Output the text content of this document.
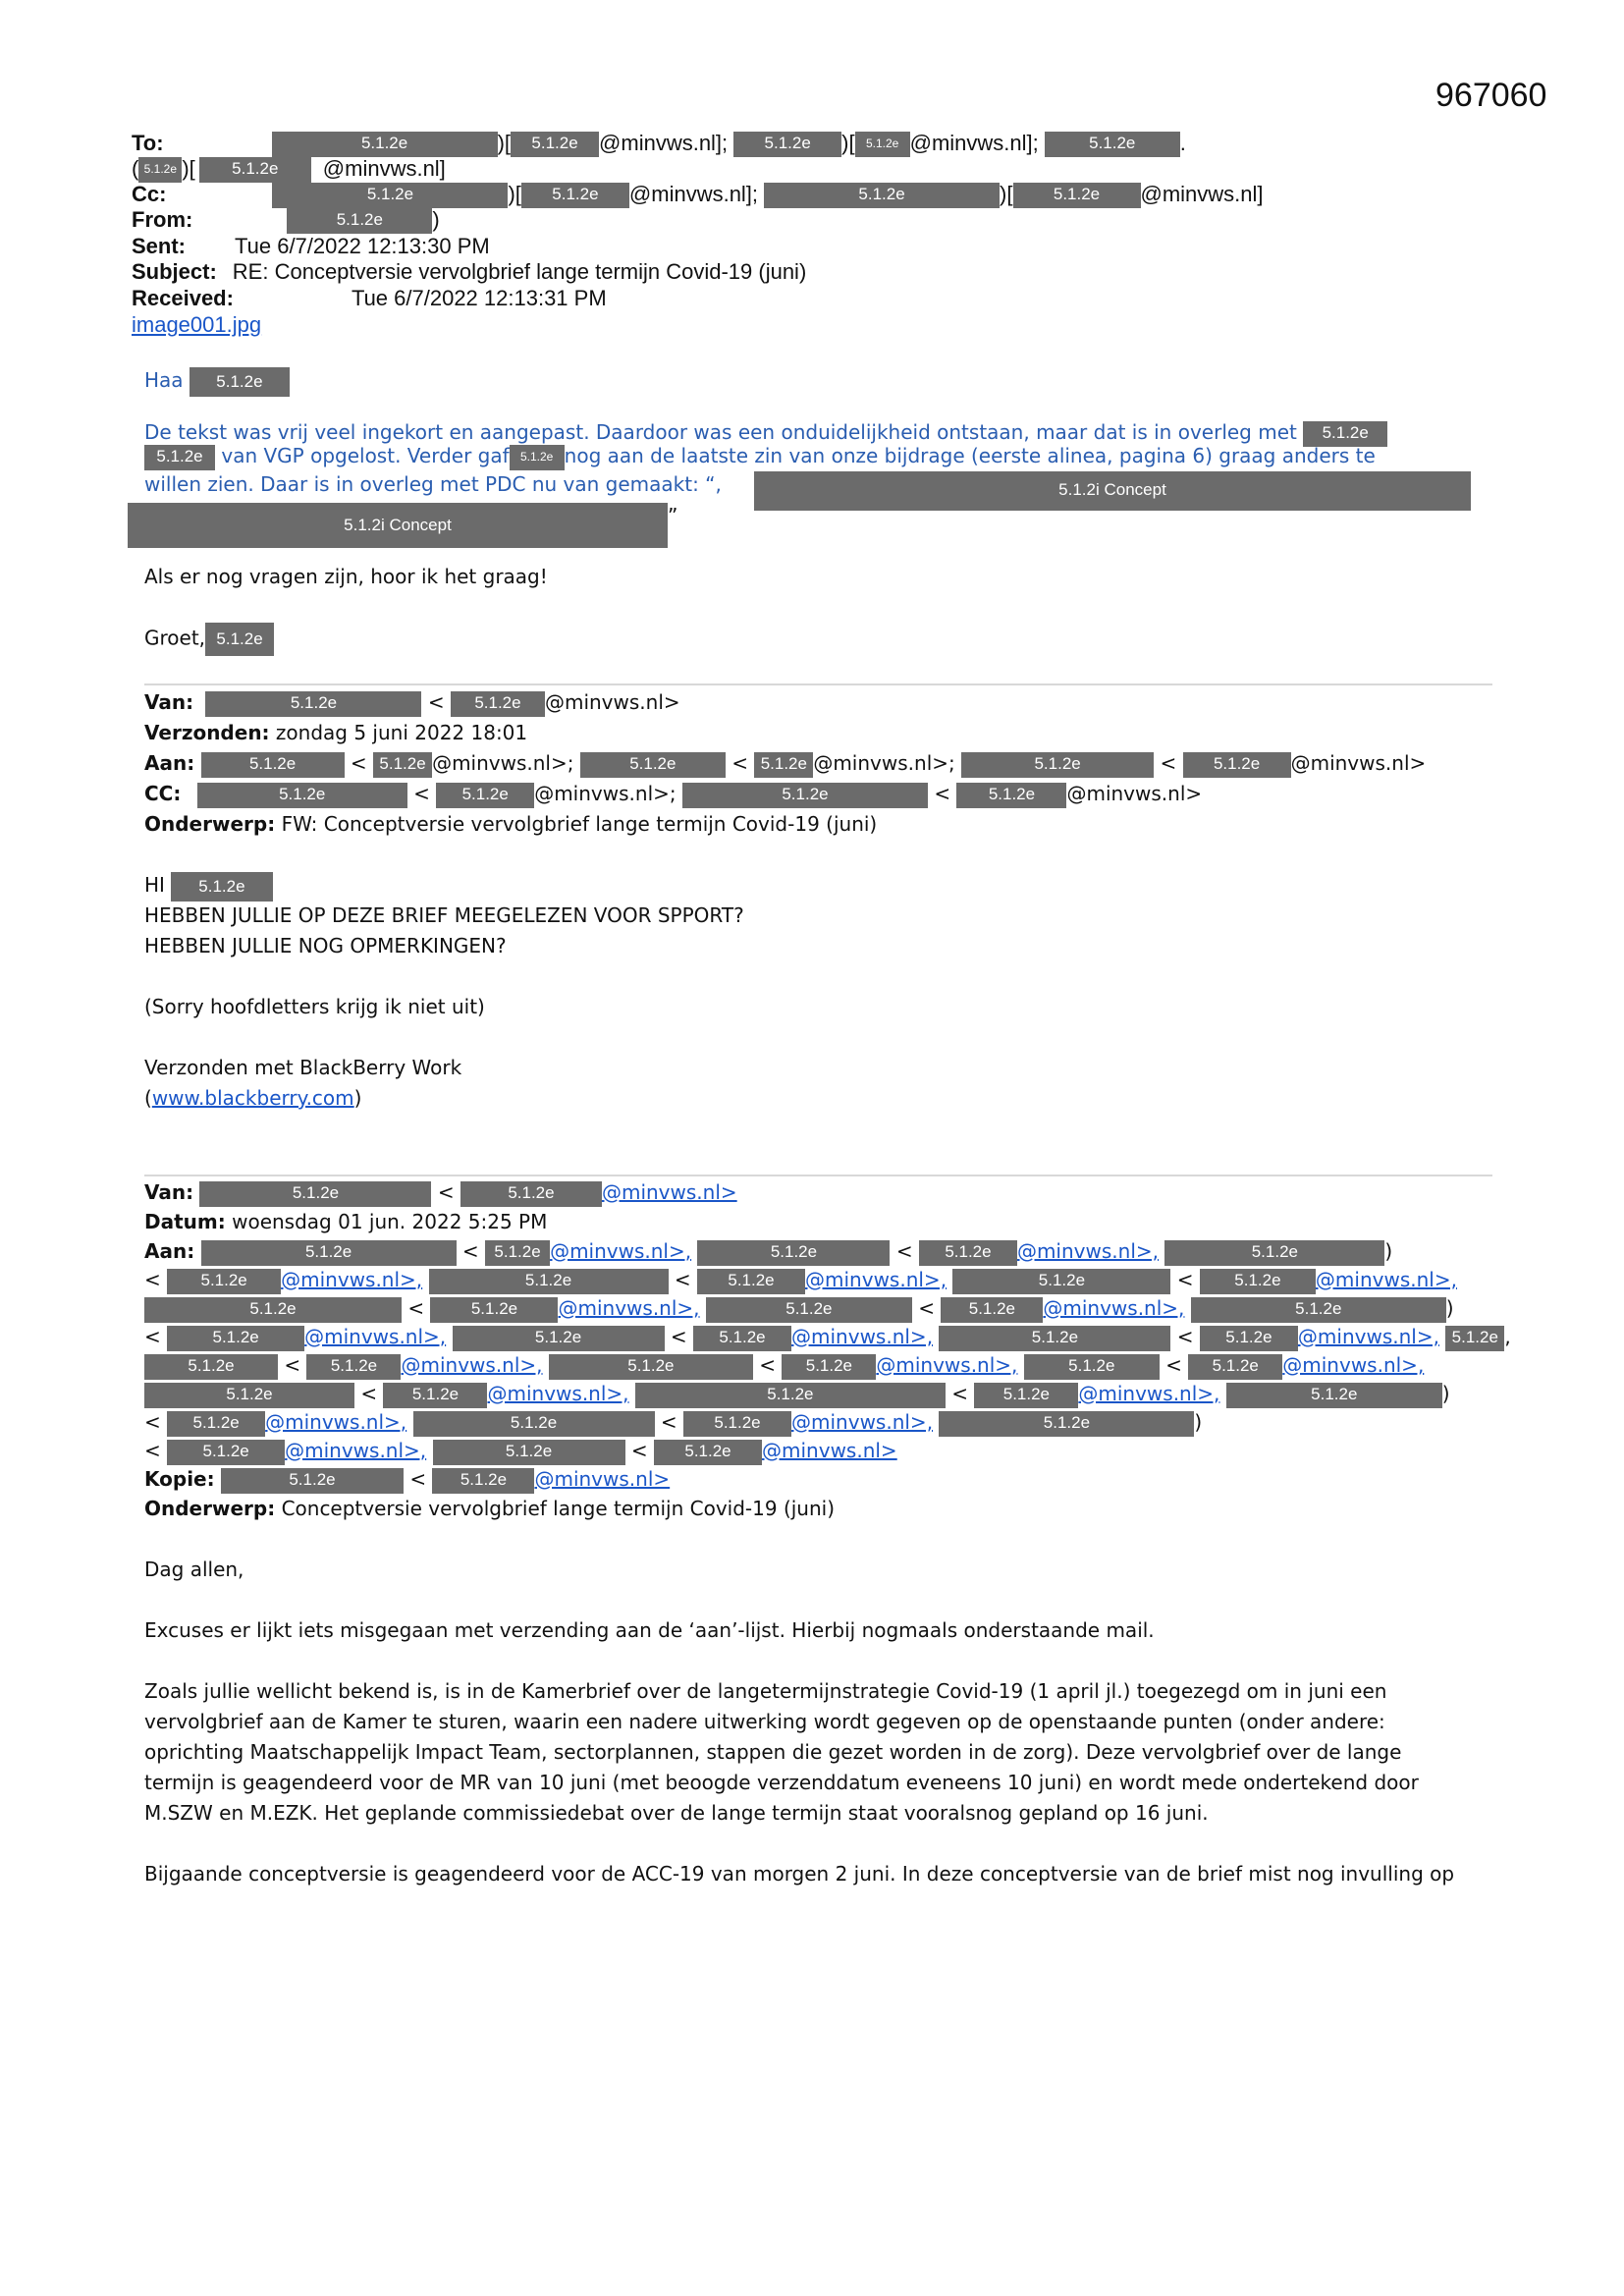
967060
To:	5.1.2e	)[ 5.1.2e @minvws.nl]; 5.1.2e )[ 5.1.2e @minvws.nl];	5.1.2e .
( 5.1.2e )[ 5.1.2e @minvws.nl]
Cc:	5.1.2e	)[ 5.1.2e @minvws.nl];	5.1.2e	)[ 5.1.2e @minvws.nl]
From:	5.1.2e )
Sent: Tue 6/7/2022 12:13:30 PM
Subject: RE: Conceptversie vervolgbrief lange termijn Covid-19 (juni)
Received:	Tue 6/7/2022 12:13:31 PM
image001.jpg
Haa 5.1.2e
De tekst was vrij veel ingekort en aangepast. Daardoor was een onduidelijkheid ontstaan, maar dat is in overleg met 5.1.2e
5.1.2e van VGP opgelost. Verder gaf 5.1.2e nog aan de laatste zin van onze bijdrage (eerste alinea, pagina 6) graag anders te
willen zien. Daar is in overleg met PDC nu van gemaakt: “,	5.1.2i Concept
5.1.2i Concept	”
Als er nog vragen zijn, hoor ik het graag!
Groet, 5.1.2e
Van:	5.1.2e	< 5.1.2e @minvws.nl>
Verzonden: zondag 5 juni 2022 18:01
Aan:	5.1.2e < 5.1.2e @minvws.nl>;	5.1.2e	< 5.1.2e @minvws.nl>;	5.1.2e	< 5.1.2e @minvws.nl>
CC:	5.1.2e	< 5.1.2e @minvws.nl>;	5.1.2e	< 5.1.2e @minvws.nl>
Onderwerp: FW: Conceptversie vervolgbrief lange termijn Covid-19 (juni)
HI 5.1.2e
HEBBEN JULLIE OP DEZE BRIEF MEEGELEZEN VOOR SPPORT?
HEBBEN JULLIE NOG OPMERKINGEN?
(Sorry hoofdletters krijg ik niet uit)
Verzonden met BlackBerry Work
(www.blackberry.com)
Van:	5.1.2e	<	5.1.2e @minvws.nl>
Datum: woensdag 01 jun. 2022 5:25 PM
Aan:	5.1.2e	< 5.1.2e @minvws.nl>,	5.1.2e	< 5.1.2e @minvws.nl>,	5.1.2e	)
< 5.1.2e @minvws.nl>,	5.1.2e	< 5.1.2e @minvws.nl>,	5.1.2e	< 5.1.2e @minvws.nl>,
5.1.2e	< 5.1.2e @minvws.nl>,	5.1.2e	< 5.1.2e @minvws.nl>,	5.1.2e	)
<	5.1.2e @minvws.nl>,	5.1.2e	< 5.1.2e @minvws.nl>,	5.1.2e	< 5.1.2e @minvws.nl>, 5.1.2e ,
5.1.2e < 5.1.2e @minvws.nl>,	5.1.2e	< 5.1.2e @minvws.nl>,	5.1.2e < 5.1.2e @minvws.nl>,
5.1.2e	< 5.1.2e @minvws.nl>,	5.1.2e	< 5.1.2e @minvws.nl>,	5.1.2e	)
< 5.1.2e @minvws.nl>,	5.1.2e	< 5.1.2e @minvws.nl>,	5.1.2e	)
< 5.1.2e @minvws.nl>,	5.1.2e	< 5.1.2e @minvws.nl>
Kopie:	5.1.2e	< 5.1.2e @minvws.nl>
Onderwerp: Conceptversie vervolgbrief lange termijn Covid-19 (juni)
Dag allen,
Excuses er lijkt iets misgegaan met verzending aan de ‘aan’-lijst. Hierbij nogmaals onderstaande mail.
Zoals jullie wellicht bekend is, is in de Kamerbrief over de langetermijnstrategie Covid-19 (1 april jl.) toegezegd om in juni een
vervolgbrief aan de Kamer te sturen, waarin een nadere uitwerking wordt gegeven op de openstaande punten (onder andere:
oprichting Maatschappelijk Impact Team, sectorplannen, stappen die gezet worden in de zorg). Deze vervolgbrief over de lange
termijn is geagendeerd voor de MR van 10 juni (met beoogde verzenddatum eveneens 10 juni) en wordt mede ondertekend door
M.SZW en M.EZK. Het geplande commissiedebat over de lange termijn staat vooralsnog gepland op 16 juni.
Bijgaande conceptversie is geagendeerd voor de ACC-19 van morgen 2 juni. In deze conceptversie van de brief mist nog invulling op
